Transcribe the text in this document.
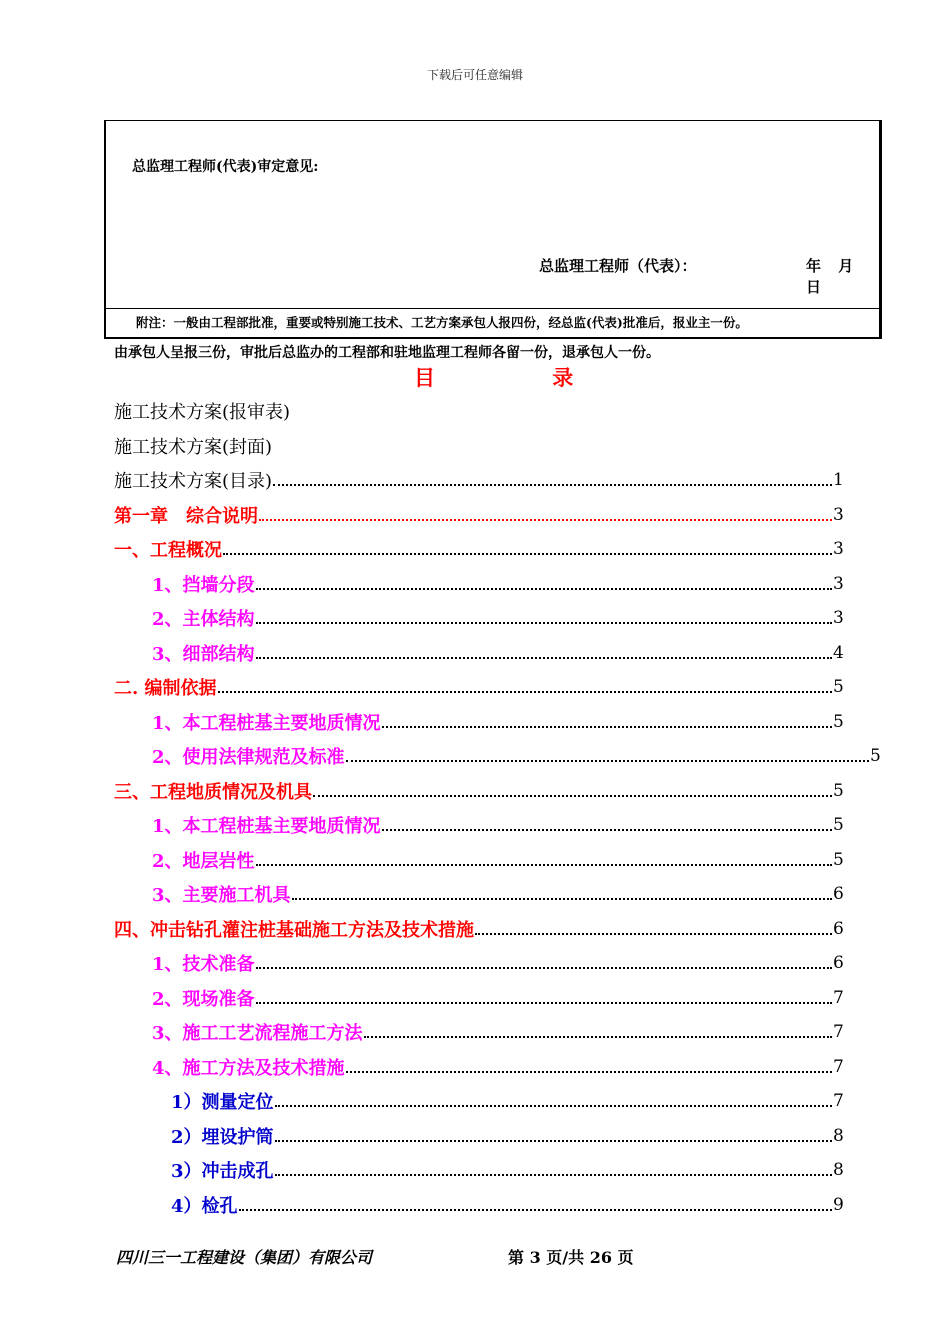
下载后可任意编辑
总监理工程师(代表)审定意见:
总监理工程师（代表）：	年 月 日
附注：一般由工程部批准，重要或特别施工技术、工艺方案承包人报四份，经总监(代表)批准后，报业主一份。
由承包人呈报三份，审批后总监办的工程部和驻地监理工程师各留一份，退承包人一份。
目 录
施工技术方案(报审表)
施工技术方案(封面)
施工技术方案(目录)	1
第一章　综合说明	3
一、工程概况	3
1、挡墙分段	3
2、主体结构	3
3、细部结构	4
二. 编制依据	5
1、本工程桩基主要地质情况	5
2、使用法律规范及标准	5
三、工程地质情况及机具	5
1、本工程桩基主要地质情况	5
2、地层岩性	5
3、主要施工机具	6
四、冲击钻孔灌注桩基础施工方法及技术措施	6
1、技术准备	6
2、现场准备	7
3、施工工艺流程施工方法	7
4、施工方法及技术措施	7
1）测量定位	7
2）埋设护筒	8
3）冲击成孔	8
4）检孔	9
四川三一工程建设（集团）有限公司	第 3 页/共 26 页
